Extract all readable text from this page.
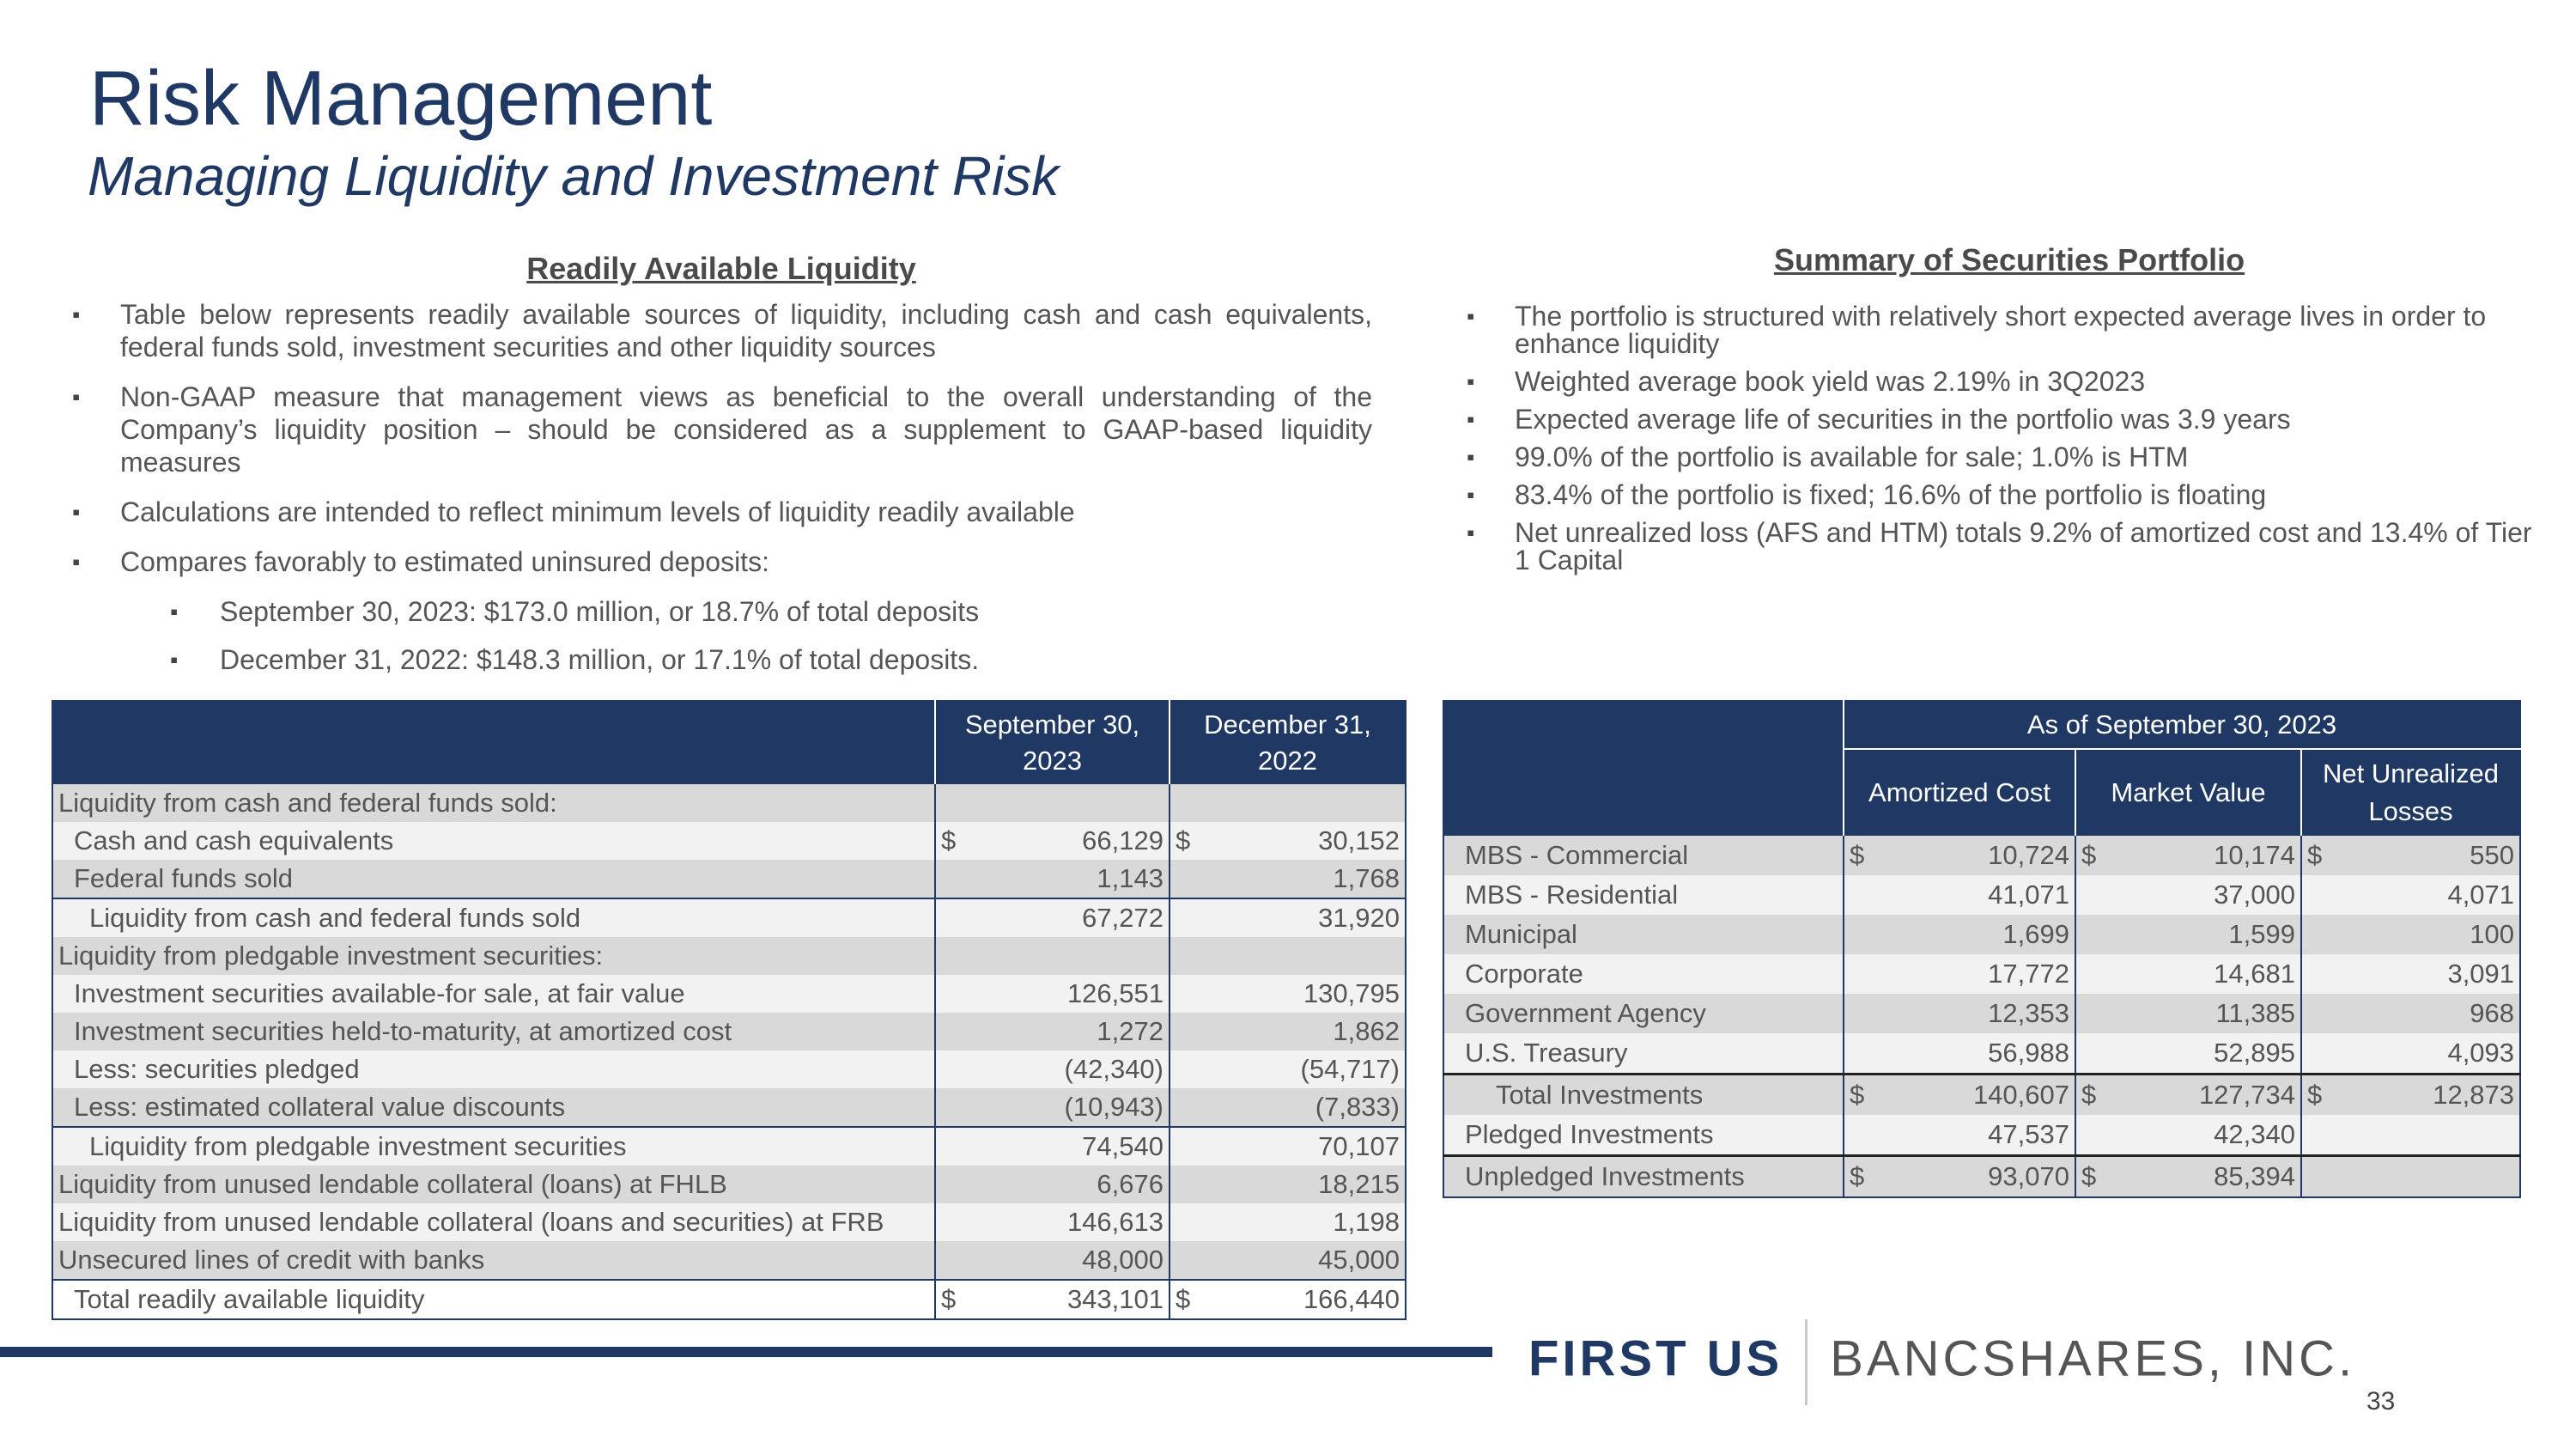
Risk Management
Managing Liquidity and Investment Risk
Readily Available Liquidity	Summary of Securities Portfolio
▪ Table below represents readily available sources of liquidity, including cash and cash equivalents, federal funds sold, investment securities and other liquidity sources
▪ Non-GAAP measure that management views as beneficial to the overall understanding of the Company’s liquidity position – should be considered as a supplement to GAAP-based liquidity measures
▪ Calculations are intended to reflect minimum levels of liquidity readily available
▪ Compares favorably to estimated uninsured deposits:
▪ September 30, 2023: $173.0 million, or 18.7% of total deposits
▪ December 31, 2022: $148.3 million, or 17.1% of total deposits.
▪ The portfolio is structured with relatively short expected average lives in order to enhance liquidity
▪ Weighted average book yield was 2.19% in 3Q2023
▪ Expected average life of securities in the portfolio was 3.9 years
▪ 99.0% of the portfolio is available for sale; 1.0% is HTM
▪ 83.4% of the portfolio is fixed; 16.6% of the portfolio is floating
▪ Net unrealized loss (AFS and HTM) totals 9.2% of amortized cost and 13.4% of Tier 1 Capital
	September 30, 2023		December 31, 2022	
Liquidity from cash and federal funds sold:				
Cash and cash equivalents	$	66,129	$	30,152
Federal funds sold		1,143		1,768
Liquidity from cash and federal funds sold		67,272		31,920
Liquidity from pledgable investment securities:				
Investment securities available-for sale, at fair value		126,551		130,795
Investment securities held-to-maturity, at amortized cost		1,272		1,862
Less: securities pledged		(42,340)		(54,717)
Less: estimated collateral value discounts		(10,943)		(7,833)
Liquidity from pledgable investment securities		74,540		70,107
Liquidity from unused lendable collateral (loans) at FHLB		6,676		18,215
Liquidity from unused lendable collateral (loans and securities) at FRB		146,613		1,198
Unsecured lines of credit with banks		48,000		45,000
Total readily available liquidity	$	343,101	$	166,440
	As of September 30, 2023					
	Amortized Cost		Market Value		Net Unrealized Losses	
MBS - Commercial	$	10,724	$	10,174	$	550
MBS - Residential		41,071		37,000		4,071
Municipal		1,699		1,599		100
Corporate		17,772		14,681		3,091
Government Agency		12,353		11,385		968
U.S. Treasury		56,988		52,895		4,093
Total Investments	$	140,607	$	127,734	$	12,873
Pledged Investments		47,537		42,340		
Unpledged Investments	$	93,070	$	85,394		
FIRST US BANCSHARES, INC.
33
